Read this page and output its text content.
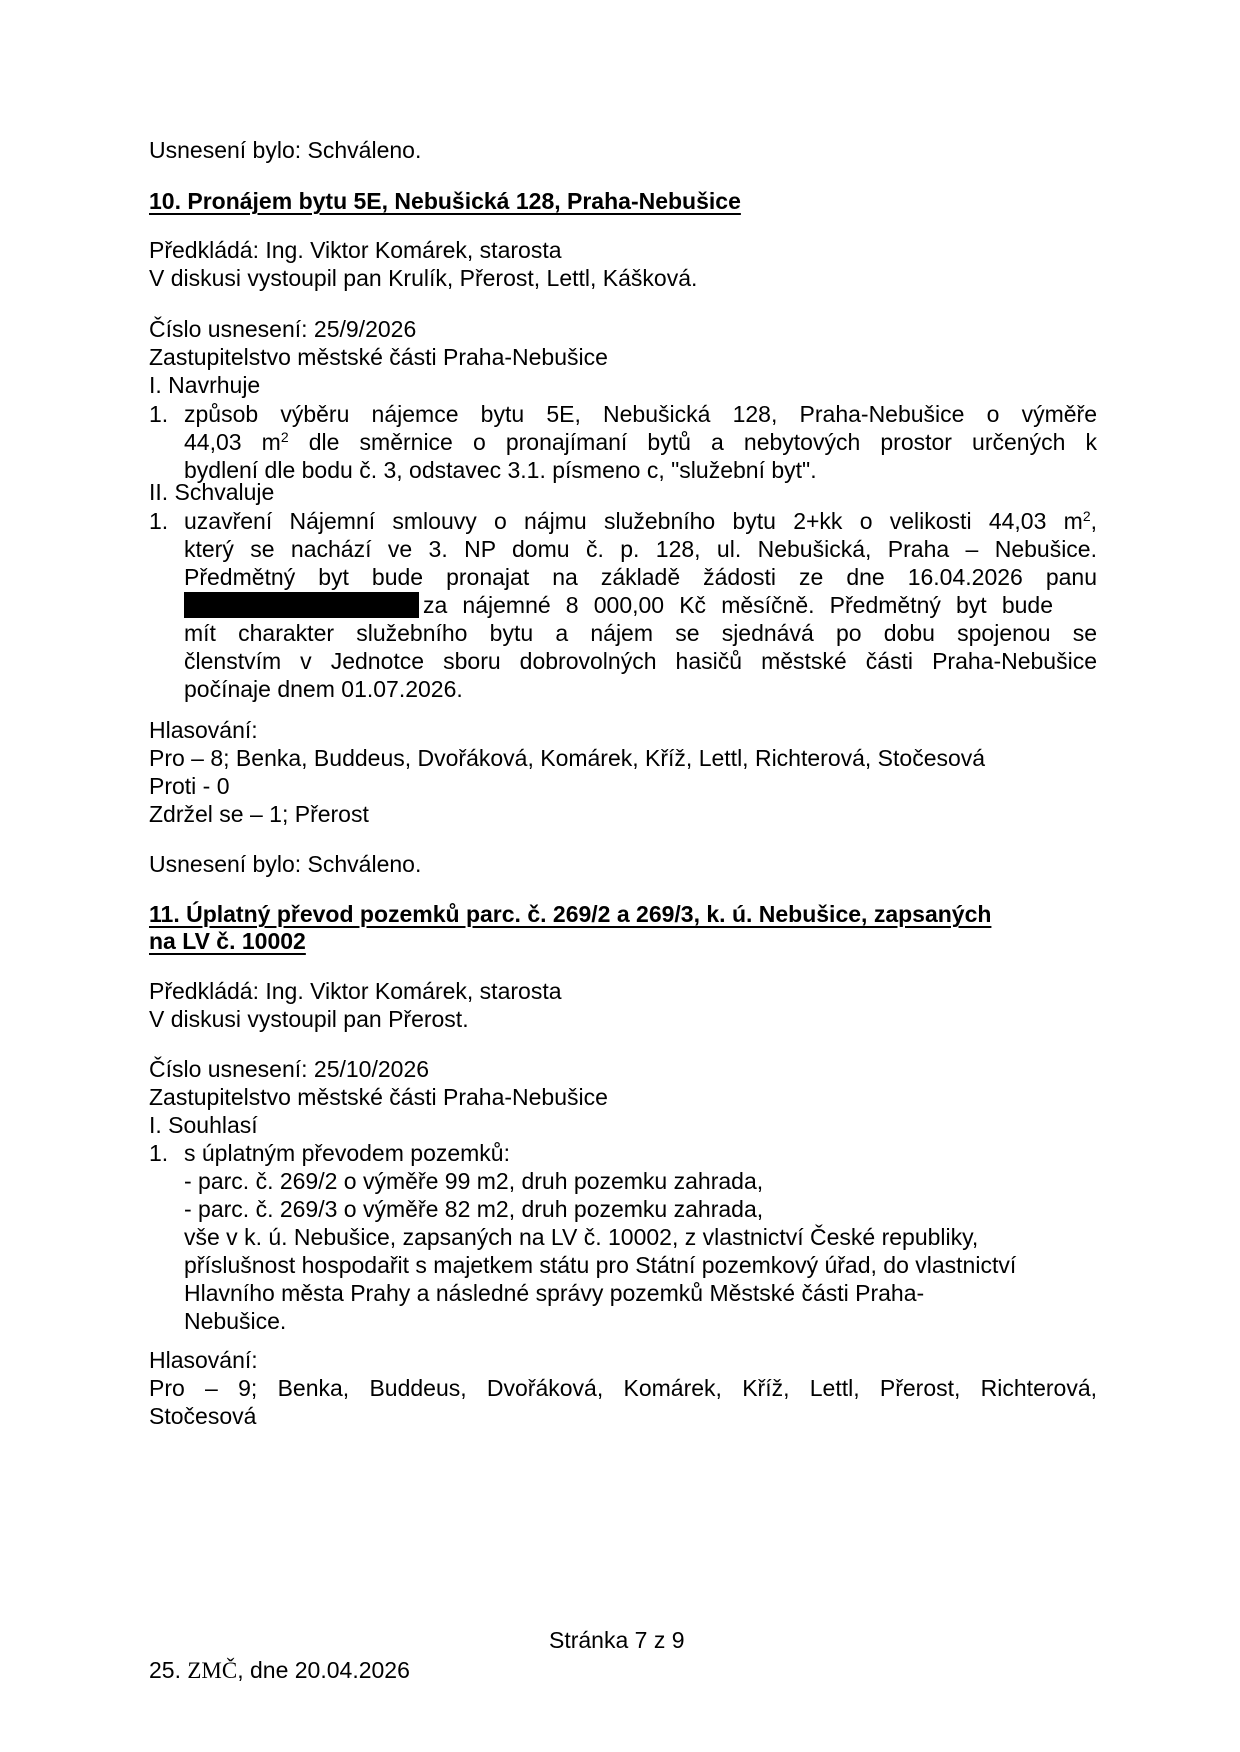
Usnesení bylo: Schváleno.
10. Pronájem bytu 5E, Nebušická 128, Praha-Nebušice
Předkládá: Ing. Viktor Komárek, starosta
V diskusi vystoupil pan Krulík, Přerost, Lettl, Kášková.
Číslo usnesení: 25/9/2026
Zastupitelstvo městské části Praha-Nebušice
I. Navrhuje
1. způsob výběru nájemce bytu 5E, Nebušická 128, Praha-Nebušice o výměře
44,03 $m^2$ dle směrnice o pronajímaní bytů a nebytových prostor určených k
bydlení dle bodu č. 3, odstavec 3.1. písmeno c, "služební byt".
II. Schvaluje
1. uzavření Nájemní smlouvy o nájmu služebního bytu 2+kk o velikosti 44,03 $m^2$,
který se nachází ve 3. NP domu č. p. 128, ul. Nebušická, Praha – Nebušice.
Předmětný byt bude pronajat na základě žádosti ze dne 16.04.2026 panu
za nájemné 8 000,00 Kč měsíčně. Předmětný byt bude
mít charakter služebního bytu a nájem se sjednává po dobu spojenou se
členstvím v Jednotce sboru dobrovolných hasičů městské části Praha-Nebušice
počínaje dnem 01.07.2026.
Hlasování:
Pro – 8; Benka, Buddeus, Dvořáková, Komárek, Kříž, Lettl, Richterová, Stočesová
Proti - 0
Zdržel se – 1; Přerost
Usnesení bylo: Schváleno.
11. Úplatný převod pozemků parc. č. 269/2 a 269/3, k. ú. Nebušice, zapsaných
na LV č. 10002
Předkládá: Ing. Viktor Komárek, starosta
V diskusi vystoupil pan Přerost.
Číslo usnesení: 25/10/2026
Zastupitelstvo městské části Praha-Nebušice
I. Souhlasí
1. s úplatným převodem pozemků:
- parc. č. 269/2 o výměře 99 m2, druh pozemku zahrada,
- parc. č. 269/3 o výměře 82 m2, druh pozemku zahrada,
vše v k. ú. Nebušice, zapsaných na LV č. 10002, z vlastnictví České republiky,
příslušnost hospodařit s majetkem státu pro Státní pozemkový úřad, do vlastnictví
Hlavního města Prahy a následné správy pozemků Městské části Praha-
Nebušice.
Hlasování:
Pro – 9; Benka, Buddeus, Dvořáková, Komárek, Kříž, Lettl, Přerost, Richterová,
Stočesová
Stránka 7 z 9
25. ZMČ, dne 20.04.2026
